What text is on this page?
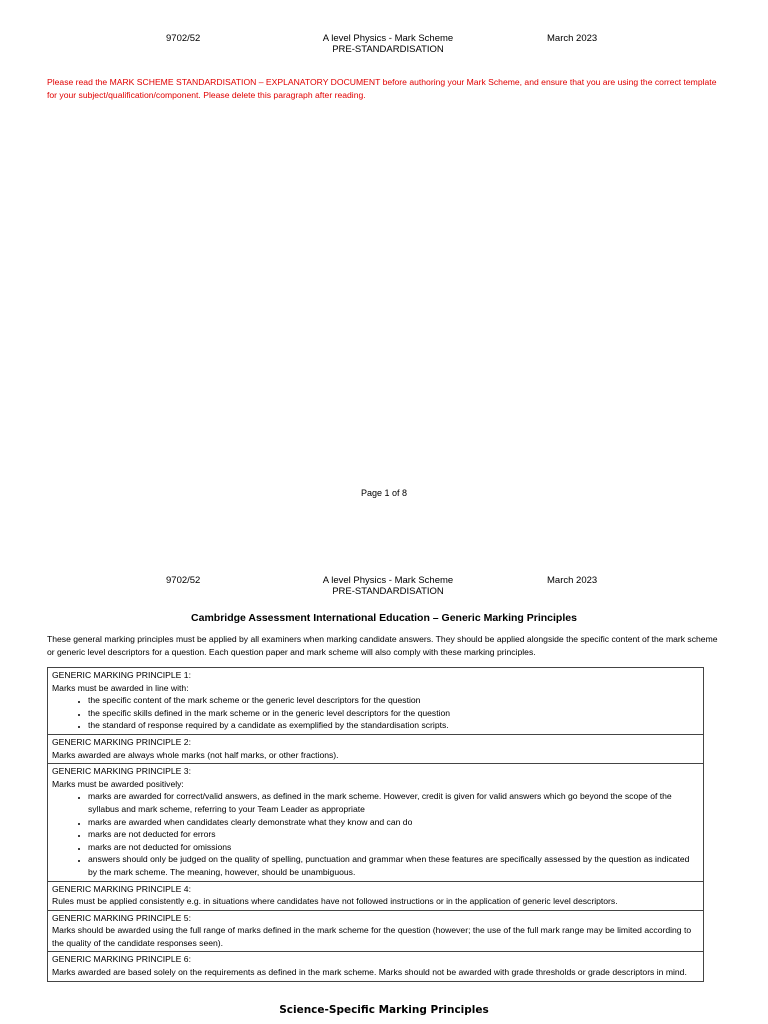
9702/52	A level Physics - Mark Scheme
PRE-STANDARDISATION
March 2023
Please read the MARK SCHEME STANDARDISATION – EXPLANATORY DOCUMENT before authoring your Mark Scheme, and ensure that you are using the correct template for your subject/qualification/component. Please delete this paragraph after reading.
Page 1 of 8
9702/52	A level Physics - Mark Scheme
PRE-STANDARDISATION
March 2023
Cambridge Assessment International Education – Generic Marking Principles
These general marking principles must be applied by all examiners when marking candidate answers. They should be applied alongside the specific content of the mark scheme or generic level descriptors for a question. Each question paper and mark scheme will also comply with these marking principles.
GENERIC MARKING PRINCIPLE 1:
Marks must be awarded in line with:
• the specific content of the mark scheme or the generic level descriptors for the question
• the specific skills defined in the mark scheme or in the generic level descriptors for the question
• the standard of response required by a candidate as exemplified by the standardisation scripts.
GENERIC MARKING PRINCIPLE 2:
Marks awarded are always whole marks (not half marks, or other fractions).
GENERIC MARKING PRINCIPLE 3:
Marks must be awarded positively:
• marks are awarded for correct/valid answers, as defined in the mark scheme. However, credit is given for valid answers which go beyond the scope of the syllabus and mark scheme, referring to your Team Leader as appropriate
• marks are awarded when candidates clearly demonstrate what they know and can do
• marks are not deducted for errors
• marks are not deducted for omissions
• answers should only be judged on the quality of spelling, punctuation and grammar when these features are specifically assessed by the question as indicated by the mark scheme. The meaning, however, should be unambiguous.
GENERIC MARKING PRINCIPLE 4:
Rules must be applied consistently e.g. in situations where candidates have not followed instructions or in the application of generic level descriptors.
GENERIC MARKING PRINCIPLE 5:
Marks should be awarded using the full range of marks defined in the mark scheme for the question (however; the use of the full mark range may be limited according to the quality of the candidate responses seen).
GENERIC MARKING PRINCIPLE 6:
Marks awarded are based solely on the requirements as defined in the mark scheme. Marks should not be awarded with grade thresholds or grade descriptors in mind.
Science-Specific Marking Principles
